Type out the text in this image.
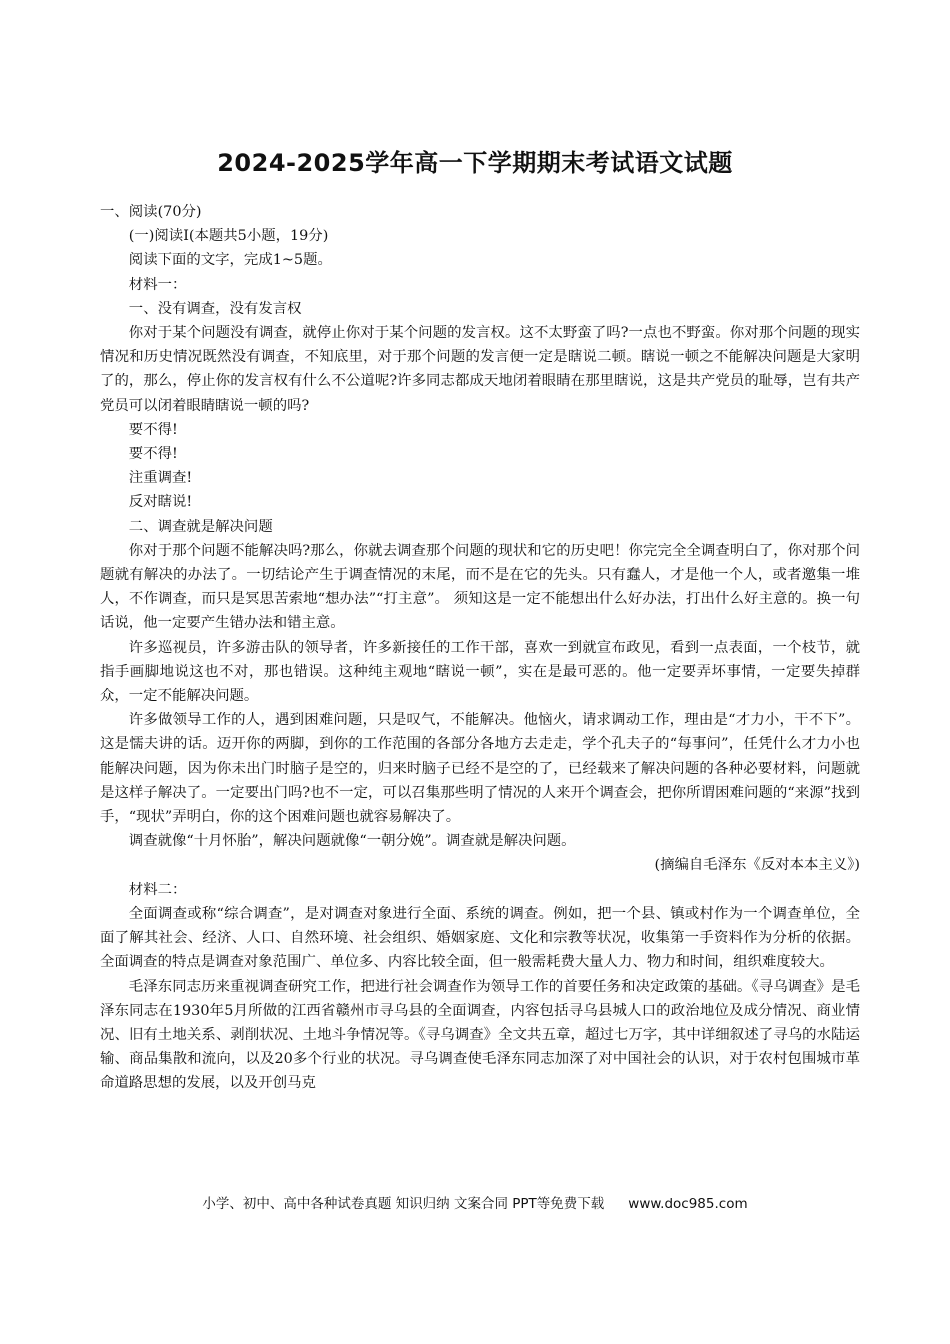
2024-2025学年高一下学期期末考试语文试题

一、阅读(70分)

(一)阅读Ⅰ(本题共5小题，19分)

阅读下面的文字，完成1~5题。

材料一：

一、没有调查，没有发言权

你对于某个问题没有调查，就停止你对于某个问题的发言权。这不太野蛮了吗?一点也不野蛮。你对那个问题的现实情况和历史情况既然没有调查，不知底里，对于那个问题的发言便一定是瞎说二顿。瞎说一顿之不能解决问题是大家明了的，那么，停止你的发言权有什么不公道呢?许多同志都成天地闭着眼睛在那里瞎说，这是共产党员的耻辱，岂有共产党员可以闭着眼睛瞎说一顿的吗?

要不得!

要不得!

注重调查!

反对瞎说!

二、调查就是解决问题

你对于那个问题不能解决吗?那么，你就去调查那个问题的现状和它的历史吧！你完完全全调查明白了，你对那个问题就有解决的办法了。一切结论产生于调查情况的末尾，而不是在它的先头。只有蠢人，才是他一个人，或者邀集一堆人，不作调查，而只是冥思苦索地“想办法”“打主意”。 须知这是一定不能想出什么好办法，打出什么好主意的。换一句话说，他一定要产生错办法和错主意。

许多巡视员，许多游击队的领导者，许多新接任的工作干部，喜欢一到就宣布政见，看到一点表面，一个枝节，就指手画脚地说这也不对，那也错误。这种纯主观地“瞎说一顿”，实在是最可恶的。他一定要弄坏事情，一定要失掉群众，一定不能解决问题。

许多做领导工作的人，遇到困难问题，只是叹气，不能解决。他恼火，请求调动工作，理由是“才力小，干不下”。这是懦夫讲的话。迈开你的两脚，到你的工作范围的各部分各地方去走走，学个孔夫子的“每事问”，任凭什么才力小也能解决问题，因为你未出门时脑子是空的，归来时脑子已经不是空的了，已经载来了解决问题的各种必要材料，问题就是这样子解决了。一定要出门吗?也不一定，可以召集那些明了情况的人来开个调查会，把你所谓困难问题的“来源”找到手，“现状”弄明白，你的这个困难问题也就容易解决了。

调查就像“十月怀胎”，解决问题就像“一朝分娩”。调查就是解决问题。

(摘编自毛泽东《反对本本主义》)

材料二：

全面调查或称“综合调查”，是对调查对象进行全面、系统的调查。例如，把一个县、镇或村作为一个调查单位，全面了解其社会、经济、人口、自然环境、社会组织、婚姻家庭、文化和宗教等状况，收集第一手资料作为分析的依据。全面调查的特点是调查对象范围广、单位多、内容比较全面，但一般需耗费大量人力、物力和时间，组织难度较大。

毛泽东同志历来重视调查研究工作，把进行社会调查作为领导工作的首要任务和决定政策的基础。《寻乌调查》是毛泽东同志在1930年5月所做的江西省赣州市寻乌县的全面调查，内容包括寻乌县城人口的政治地位及成分情况、商业情况、旧有土地关系、剥削状况、土地斗争情况等。《寻乌调查》全文共五章，超过七万字，其中详细叙述了寻乌的水陆运输、商品集散和流向，以及20多个行业的状况。寻乌调查使毛泽东同志加深了对中国社会的认识，对于农村包围城市革命道路思想的发展，以及开创马克

小学、初中、高中各种试卷真题 知识归纳 文案合同 PPT等免费下载 www.doc985.com
